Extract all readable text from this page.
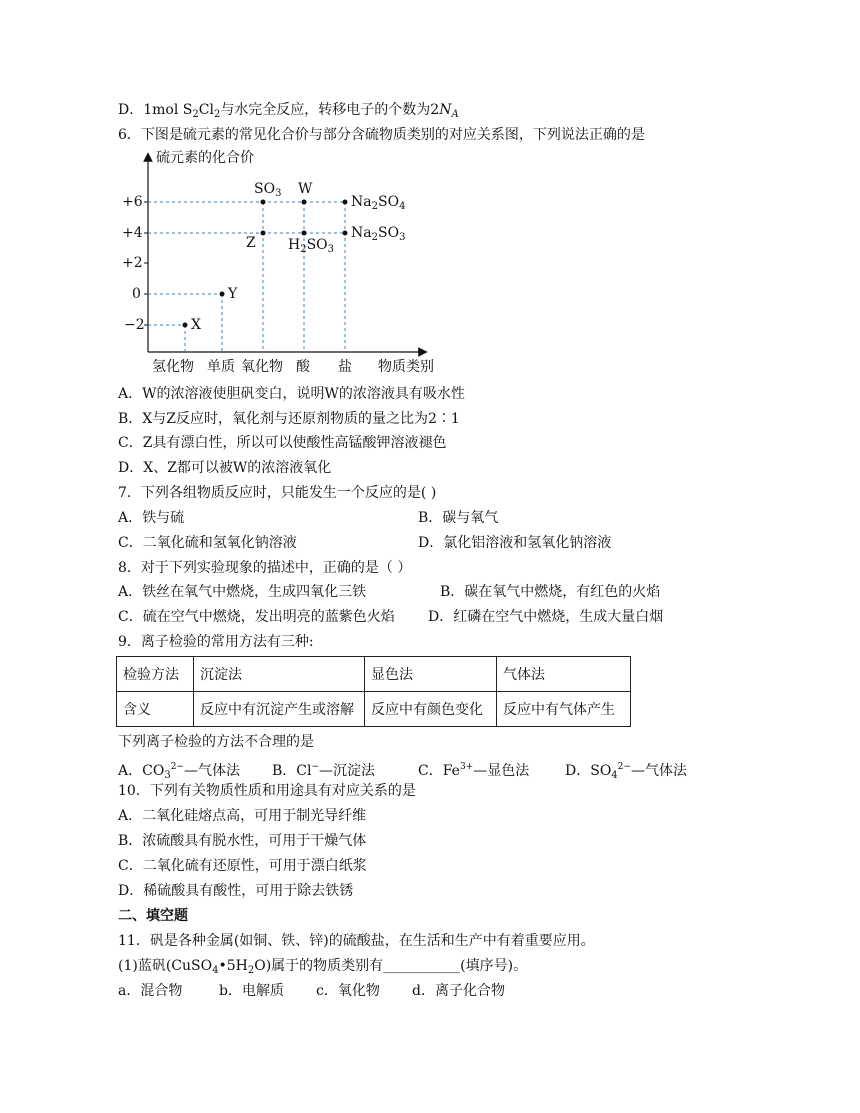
D．1mol $S_2Cl_2$与水完全反应，转移电子的个数为$2N_A$
6．下图是硫元素的常见化合价与部分含硫物质类别的对应关系图，下列说法正确的是
硫元素的化合价
物质类别
+6
+4
+2
0
−2
氢化物 单质 氧化物 酸 盐
$SO_3$ W
$Na_2SO_4$
Z $H_2SO_3$
$Na_2SO_3$
Y
X
A．W的浓溶液使胆矾变白，说明W的浓溶液具有吸水性
B．X与Z反应时，氧化剂与还原剂物质的量之比为2∶1
C．Z具有漂白性，所以可以使酸性高锰酸钾溶液褪色
D．X、Z都可以被W的浓溶液氧化
7．下列各组物质反应时，只能发生一个反应的是( )
A．铁与硫	B．碳与氧气
C．二氧化硫和氢氧化钠溶液	D．氯化铝溶液和氢氧化钠溶液
8．对于下列实验现象的描述中，正确的是（ ）
A．铁丝在氧气中燃烧，生成四氧化三铁	B．碳在氧气中燃烧，有红色的火焰
C．硫在空气中燃烧，发出明亮的蓝紫色火焰 D．红磷在空气中燃烧，生成大量白烟
9．离子检验的常用方法有三种:
检验方法	沉淀法	显色法	气体法
含义	反应中有沉淀产生或溶解	反应中有颜色变化	反应中有气体产生
下列离子检验的方法不合理的是
A．$CO_3^{2-}—$气体法 B．Cl−—沉淀法	C．$Fe^{3+}—$显色法	D．$SO_4^{2-}—$气体法
10．下列有关物质性质和用途具有对应关系的是
A．二氧化硅熔点高，可用于制光导纤维
B．浓硫酸具有脱水性，可用于干燥气体
C．二氧化硫有还原性，可用于漂白纸浆
D．稀硫酸具有酸性，可用于除去铁锈
二、填空题
11．矾是各种金属(如铜、铁、锌)的硫酸盐，在生活和生产中有着重要应用。
(1)蓝矾$(CuSO_4•5H_2O)$属于的物质类别有___________(填序号)。
a．混合物	b．电解质 c．氧化物 d．离子化合物
